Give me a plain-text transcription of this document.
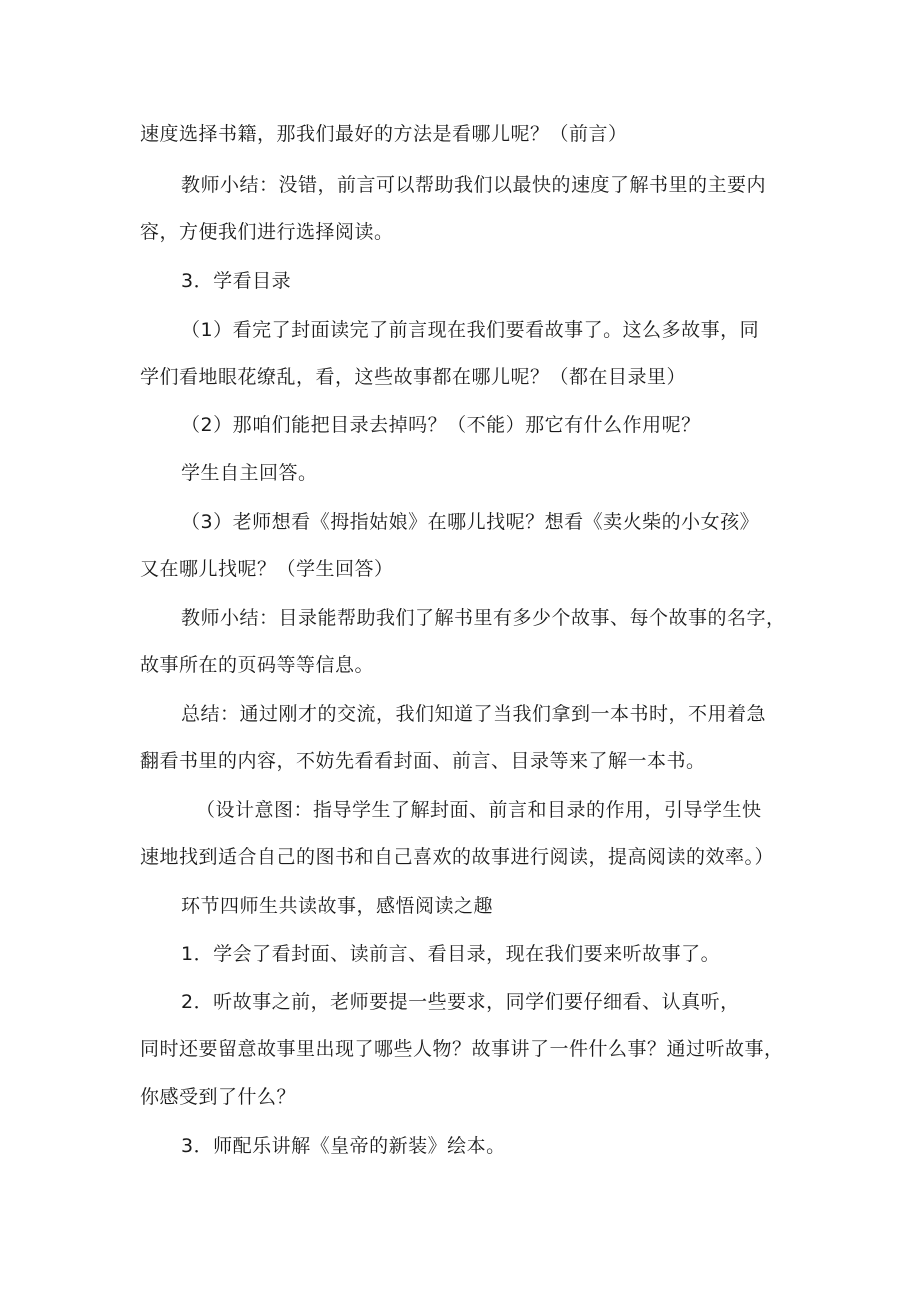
速度选择书籍，那我们最好的方法是看哪儿呢？（前言）

教师小结：没错，前言可以帮助我们以最快的速度了解书里的主要内

容，方便我们进行选择阅读。

3．学看目录

（1）看完了封面读完了前言现在我们要看故事了。这么多故事，同

学们看地眼花缭乱，看，这些故事都在哪儿呢？（都在目录里）

（2）那咱们能把目录去掉吗？（不能）那它有什么作用呢？

学生自主回答。

（3）老师想看《拇指姑娘》在哪儿找呢？想看《卖火柴的小女孩》

又在哪儿找呢？（学生回答）

教师小结：目录能帮助我们了解书里有多少个故事、每个故事的名字，

故事所在的页码等等信息。

总结：通过刚才的交流，我们知道了当我们拿到一本书时，不用着急

翻看书里的内容，不妨先看看封面、前言、目录等来了解一本书。

（设计意图：指导学生了解封面、前言和目录的作用，引导学生快

速地找到适合自己的图书和自己喜欢的故事进行阅读，提高阅读的效率。）

环节四师生共读故事，感悟阅读之趣

1．学会了看封面、读前言、看目录，现在我们要来听故事了。

2．听故事之前，老师要提一些要求，同学们要仔细看、认真听，

同时还要留意故事里出现了哪些人物？故事讲了一件什么事？通过听故事，

你感受到了什么？

3．师配乐讲解《皇帝的新装》绘本。
